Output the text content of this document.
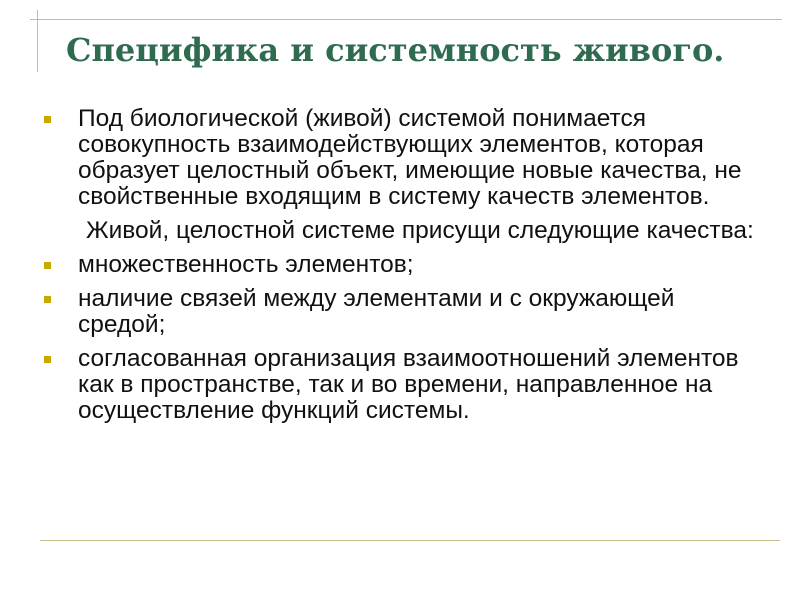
Специфика и системность живого.
Под биологической (живой) системой понимается совокупность взаимодействующих элементов, которая образует целостный объект, имеющие новые качества, не свойственные входящим в систему качеств элементов.
Живой, целостной системе присущи следующие качества:
множественность элементов;
наличие связей между элементами и с окружающей средой;
согласованная организация взаимоотношений элементов как в пространстве, так и во времени, направленное на осуществление функций системы.
